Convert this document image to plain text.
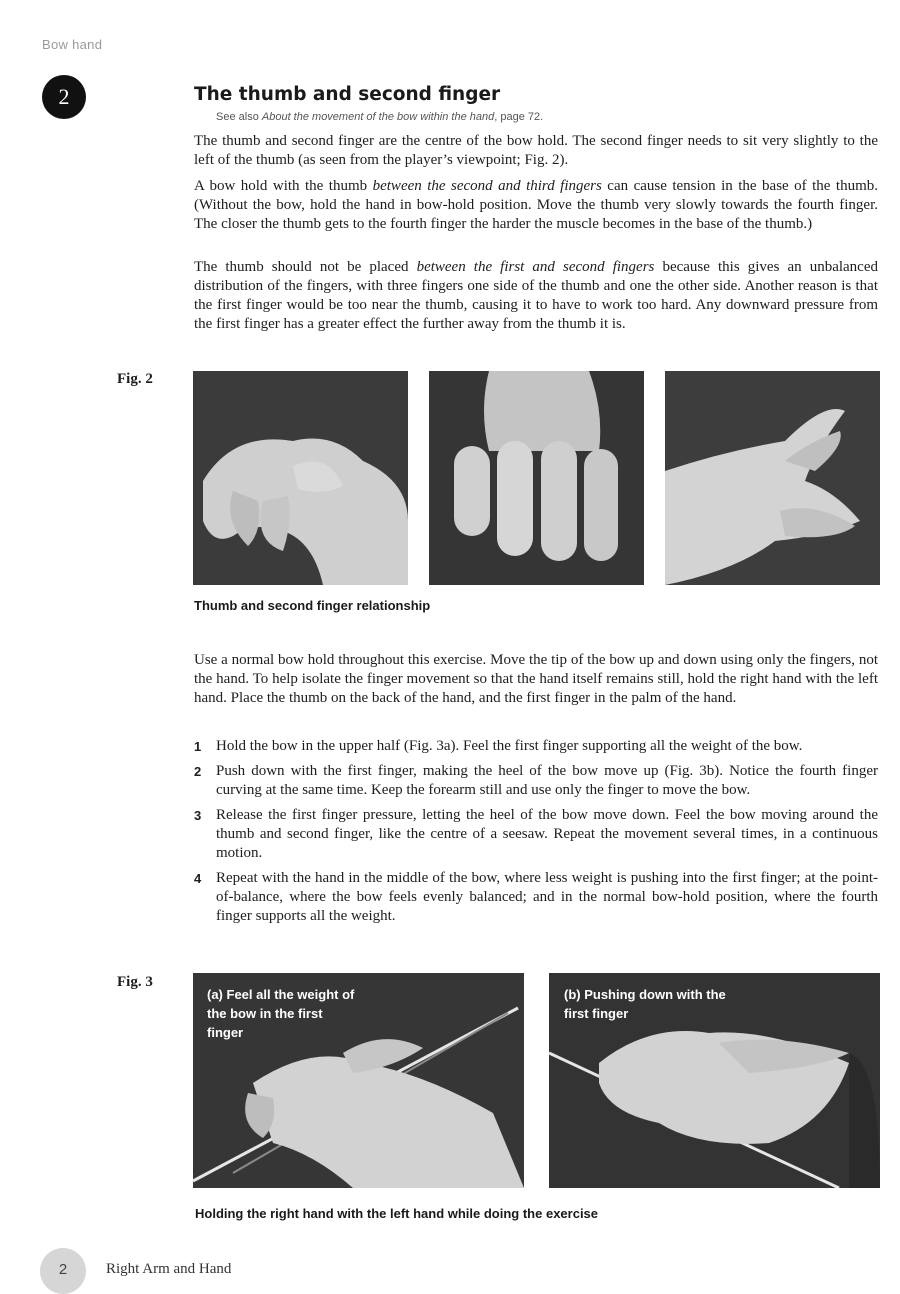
Bow hand
2	The thumb and second finger
See also About the movement of the bow within the hand, page 72.

The thumb and second finger are the centre of the bow hold. The second finger needs to sit very slightly to the left of the thumb (as seen from the player’s viewpoint; Fig. 2).

A bow hold with the thumb between the second and third fingers can cause tension in the base of the thumb. (Without the bow, hold the hand in bow-hold position. Move the thumb very slowly towards the fourth finger. The closer the thumb gets to the fourth finger the harder the muscle becomes in the base of the thumb.)

The thumb should not be placed between the first and second fingers because this gives an unbalanced distribution of the fingers, with three fingers one side of the thumb and one the other side. Another reason is that the first finger would be too near the thumb, causing it to have to work too hard. Any downward pressure from the first finger has a greater effect the further away from the thumb it is.

Fig. 2
Thumb and second finger relationship

Use a normal bow hold throughout this exercise. Move the tip of the bow up and down using only the fingers, not the hand. To help isolate the finger movement so that the hand itself remains still, hold the right hand with the left hand. Place the thumb on the back of the hand, and the first finger in the palm of the hand.

1 Hold the bow in the upper half (Fig. 3a). Feel the first finger supporting all the weight of the bow.
2 Push down with the first finger, making the heel of the bow move up (Fig. 3b). Notice the fourth finger curving at the same time. Keep the forearm still and use only the finger to move the bow.
3 Release the first finger pressure, letting the heel of the bow move down. Feel the bow moving around the thumb and second finger, like the centre of a seesaw. Repeat the movement several times, in a continuous motion.
4 Repeat with the hand in the middle of the bow, where less weight is pushing into the first finger; at the point-of-balance, where the bow feels evenly balanced; and in the normal bow-hold position, where the fourth finger supports all the weight.
Fig. 3
(a) Feel all the weight of the bow in the first finger
(b) Pushing down with the first finger
Holding the right hand with the left hand while doing the exercise
2	Right Arm and Hand
